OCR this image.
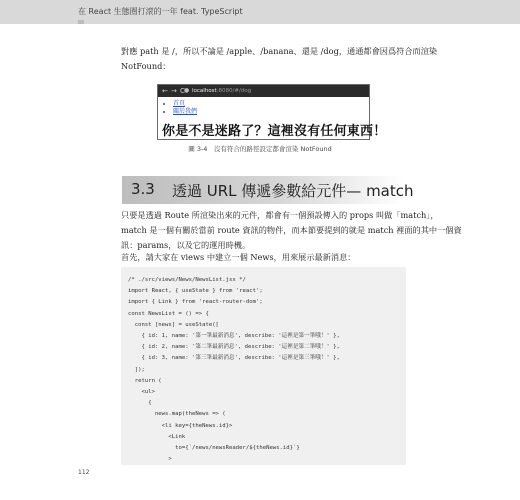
在 React 生態圈打滾的一年 feat. TypeScript

對應 path 是 /，所以不論是 /apple、/banana、還是 /dog，通通都會因爲符合而渲染

NotFound：

← → C ● localhost:8080/#/dog
• 首頁
• 關於我們
你是不是迷路了？這裡沒有任何東西！
圖 3-4　沒有符合的路徑設定都會渲染 NotFound
3.3 透過 URL 傳遞參數給元件— match

只要是透過 Route 所渲染出來的元件，都會有一個預設傳入的 props 叫做「match」，

match 是一個有關於當前 route 資訊的物件，而本節要提到的就是 match 裡面的其中一個資

訊：params，以及它的運用時機。

首先，請大家在 views 中建立一個 News，用來展示最新消息：

/* ./src/views/News/NewsList.jsx */
import React, { useState } from 'react';
import { Link } from 'react-router-dom';
const NewsList = () => {
const [news] = useState([
{ id: 1, name: '第一筆最新消息', describe: '這裡是第一筆哦！' },
{ id: 2, name: '第二筆最新消息', describe: '這裡是第二筆哦！' },
{ id: 3, name: '第三筆最新消息', describe: '這裡是第三筆哦！' },
]);
return (
<ul>
{
news.map(theNews => (
<li key={theNews.id}>
<Link
to={`/news/newsReader/${theNews.id}`}
>
112
